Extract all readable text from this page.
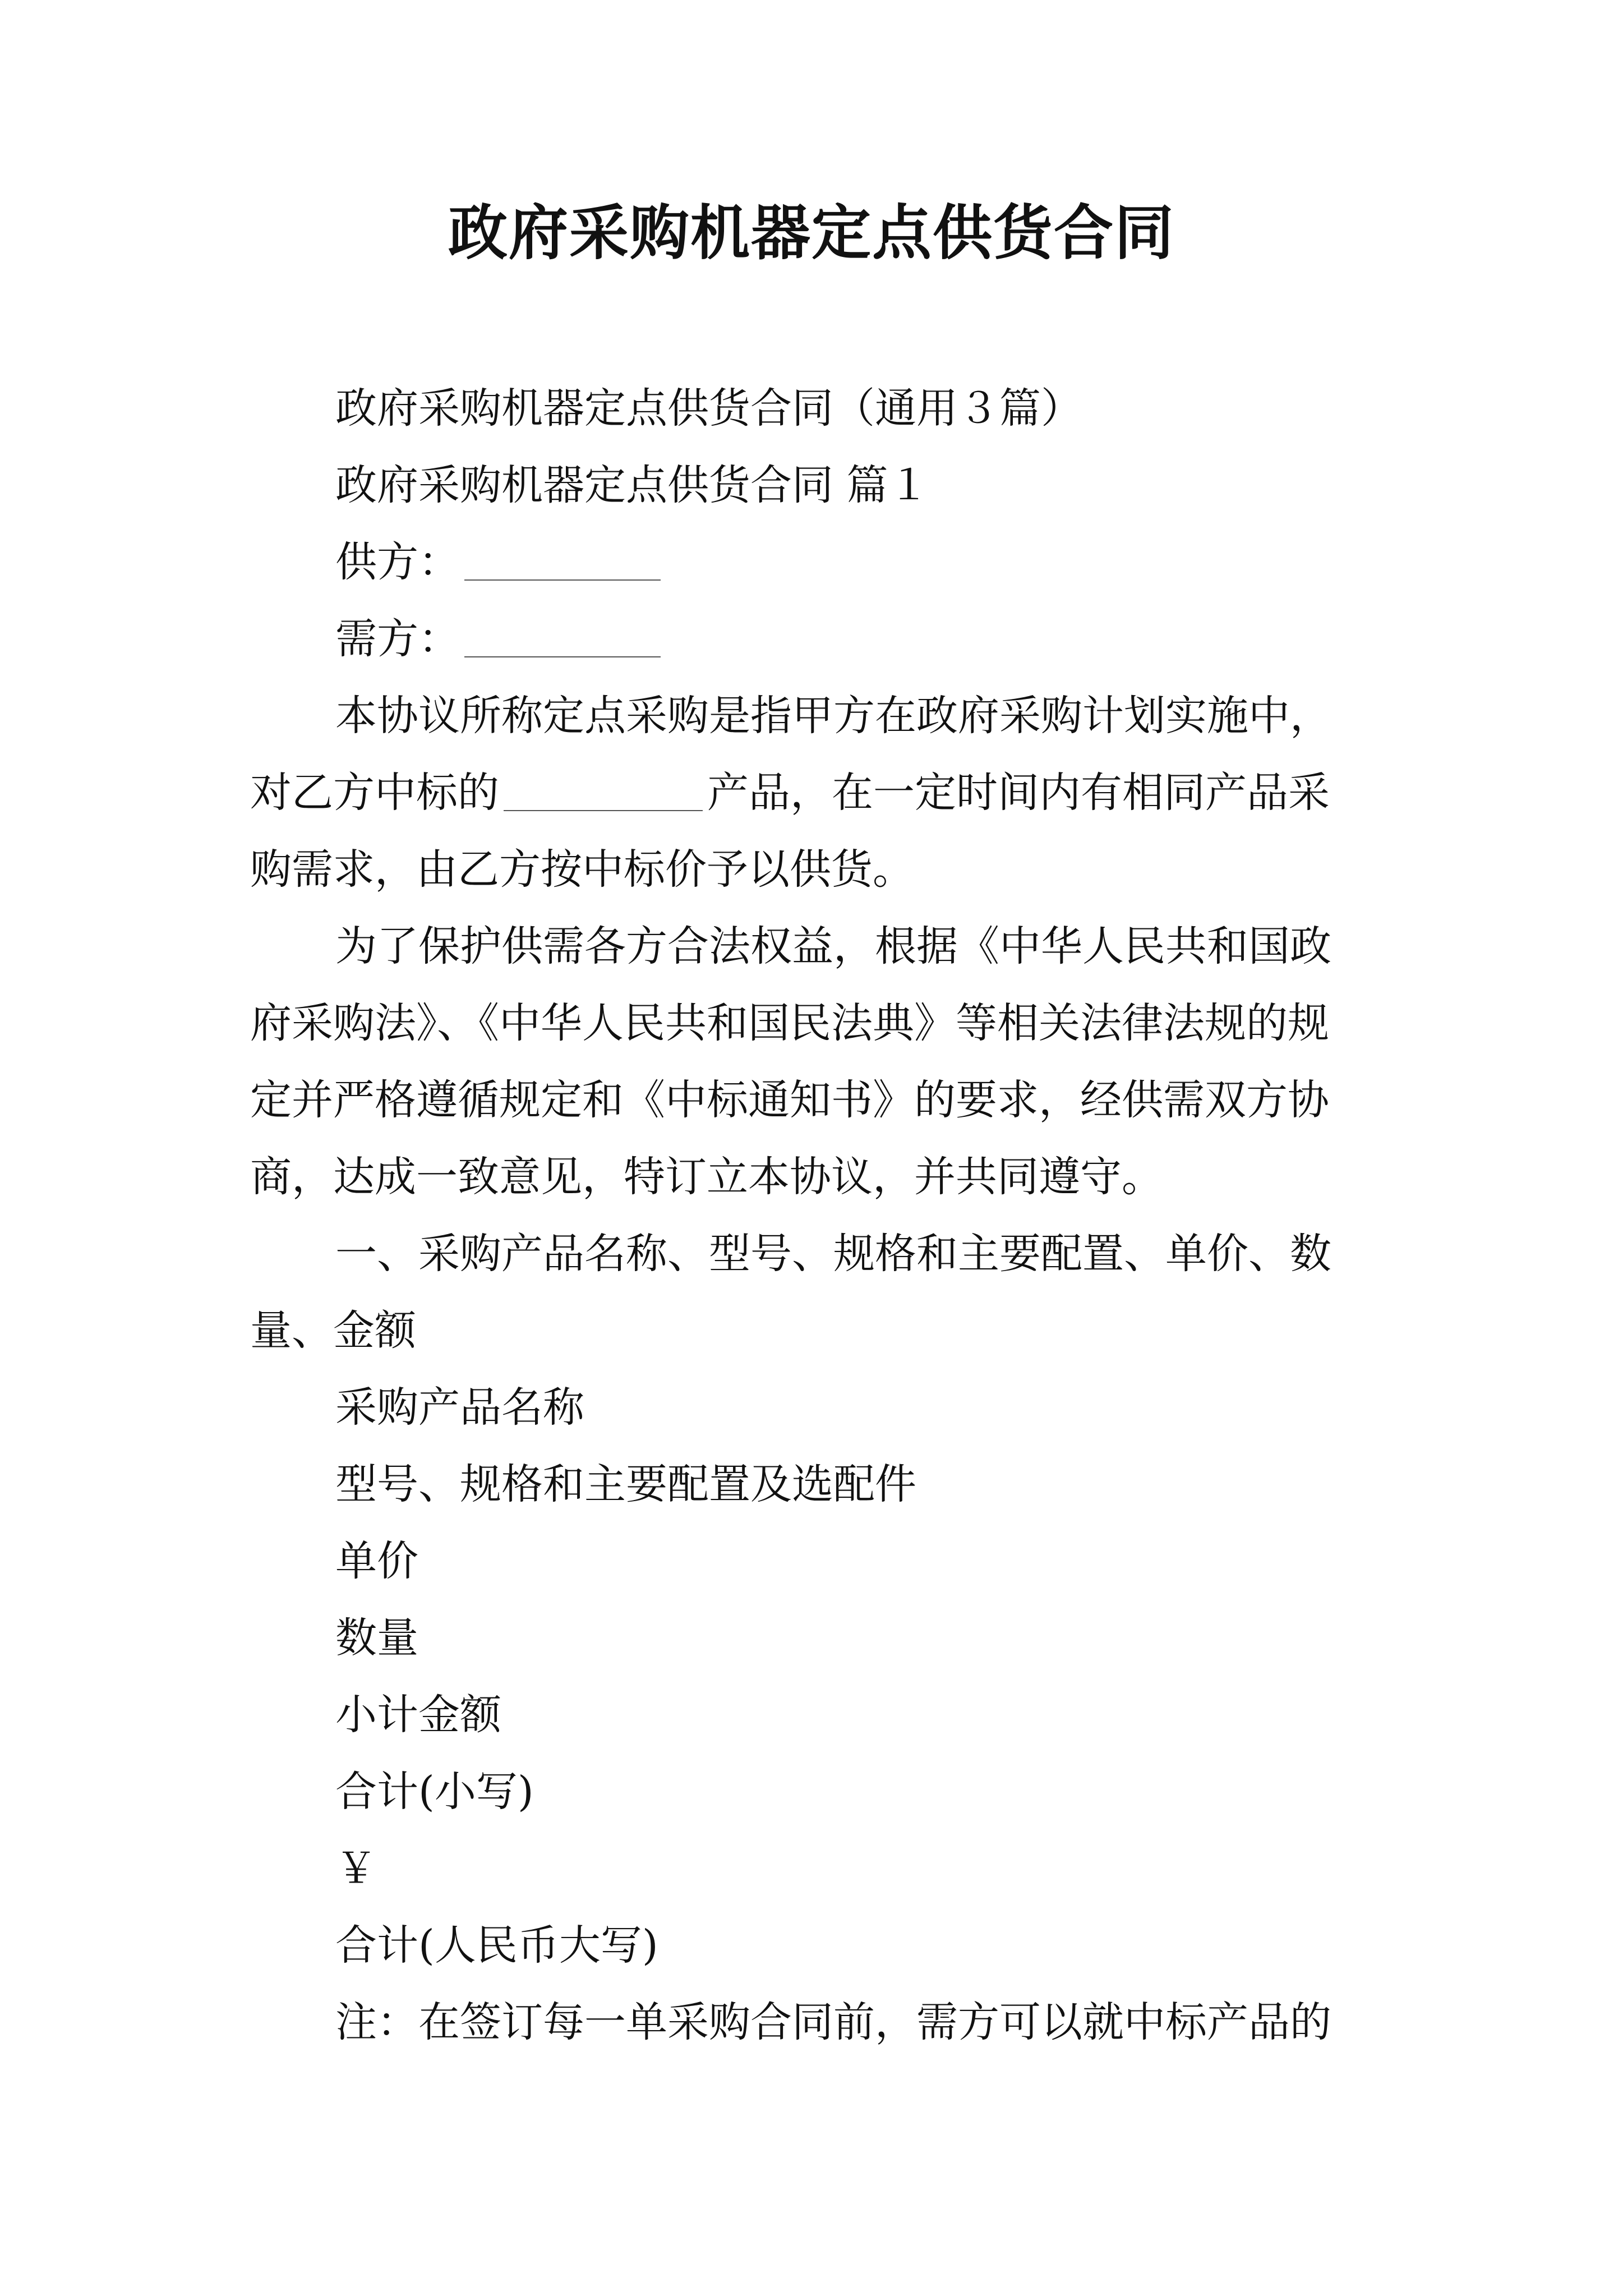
政府采购机器定点供货合同
政府采购机器定点供货合同（通用３篇）
政府采购机器定点供货合同 篇１
供方：
需方：
本协议所称定点采购是指甲方在政府采购计划实施中，
对乙方中标的	产品，在一定时间内有相同产品采
购需求，由乙方按中标价予以供货。
为了保护供需各方合法权益，根据《中华人民共和国政
府采购法》、《中华人民共和国民法典》等相关法律法规的规
定并严格遵循规定和《中标通知书》的要求，经供需双方协
商，达成一致意见，特订立本协议，并共同遵守。
一、采购产品名称、型号、规格和主要配置、单价、数
量、金额
采购产品名称
型号、规格和主要配置及选配件
单价
数量
小计金额
合计(小写)
￥
合计(人民币大写)
注：在签订每一单采购合同前，需方可以就中标产品的
